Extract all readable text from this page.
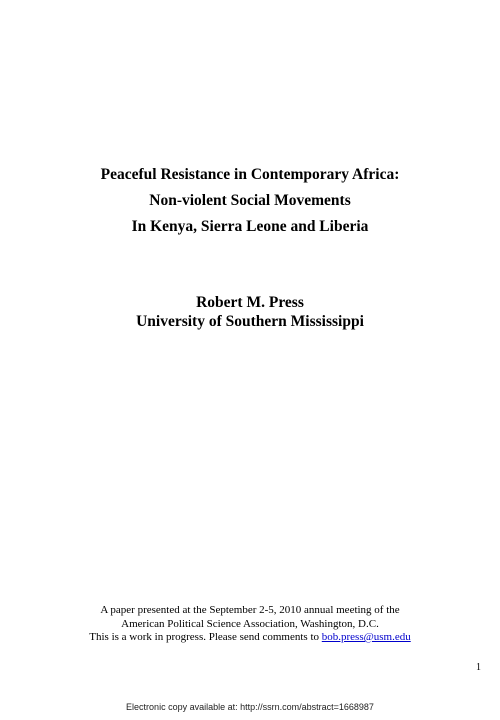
Peaceful Resistance in Contemporary Africa:
Non-violent Social Movements
In Kenya, Sierra Leone and Liberia
Robert M. Press
University of Southern Mississippi
A paper presented at the September 2-5, 2010 annual meeting of the
American Political Science Association, Washington, D.C.
This is a work in progress. Please send comments to bob.press@usm.edu
1
Electronic copy available at: http://ssrn.com/abstract=1668987
